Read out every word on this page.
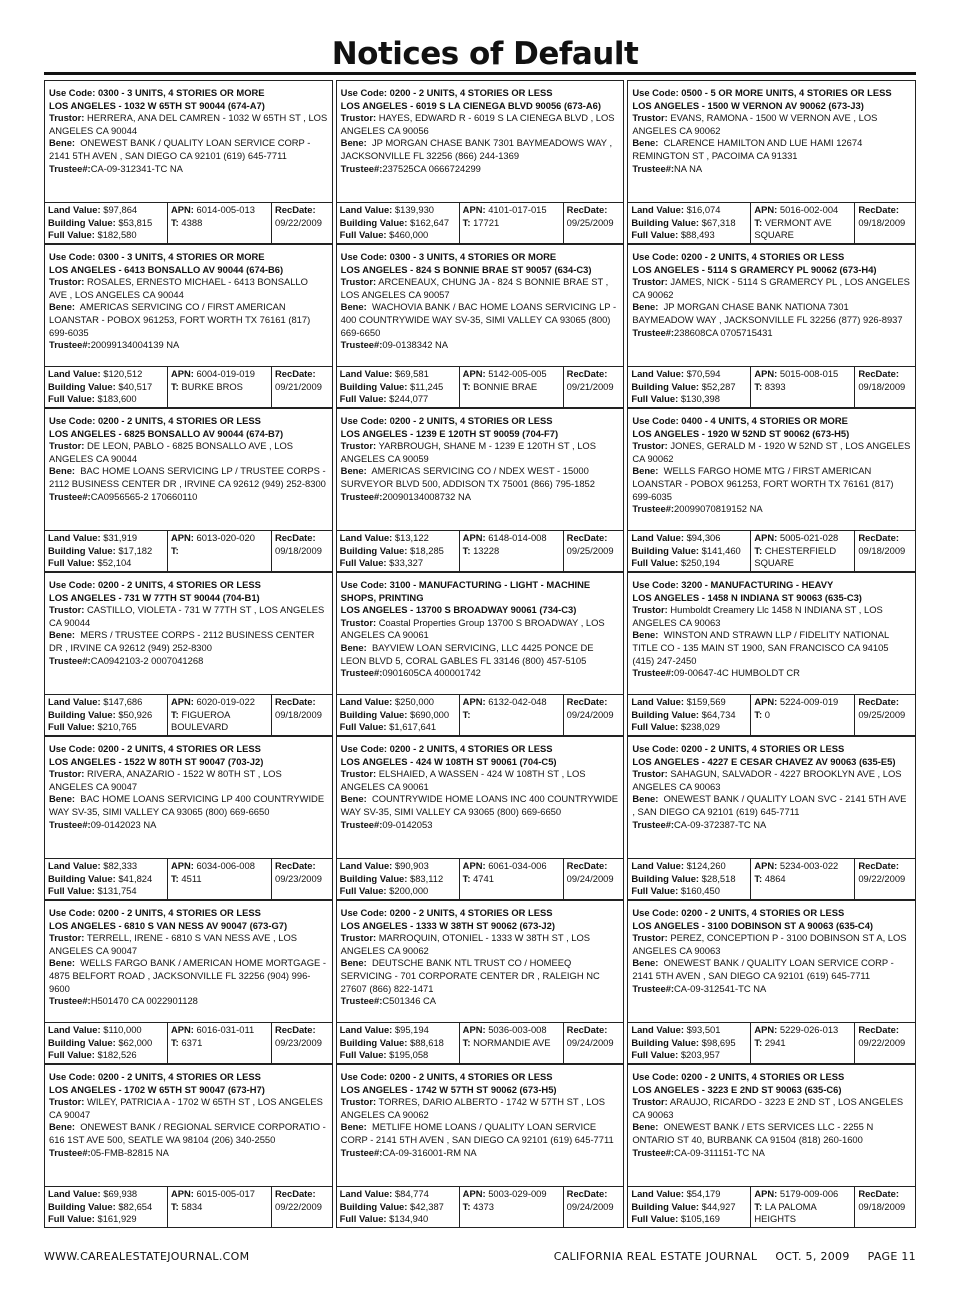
Notices of Default
Use Code: 0300 - 3 UNITS, 4 STORIES OR MORE
LOS ANGELES - 1032 W 65TH ST 90044 (674-A7)
Trustor: HERRERA, ANA DEL CAMREN - 1032 W 65TH ST , LOS ANGELES CA 90044
Bene: ONEWEST BANK / QUALITY LOAN SERVICE CORP - 2141 5TH AVEN , SAN DIEGO CA 92101 (619) 645-7711
Trustee#:CA-09-312341-TC NA
Land Value: $97,864
Building Value: $53,815
Full Value: $182,580
APN: 6014-005-013
T: 4388
RecDate:
09/22/2009
Use Code: 0200 - 2 UNITS, 4 STORIES OR LESS
LOS ANGELES - 6019 S LA CIENEGA BLVD 90056 (673-A6)
Trustor: HAYES, EDWARD R - 6019 S LA CIENEGA BLVD , LOS ANGELES CA 90056
Bene: JP MORGAN CHASE BANK 7301 BAYMEADOWS WAY , JACKSONVILLE FL 32256 (866) 244-1369
Trustee#:237525CA 0666724299
Land Value: $139,930
Building Value: $162,647
Full Value: $460,000
APN: 4101-017-015
T: 17721
RecDate:
09/25/2009
Use Code: 0500 - 5 OR MORE UNITS, 4 STORIES OR LESS
LOS ANGELES - 1500 W VERNON AV 90062 (673-J3)
Trustor: EVANS, RAMONA - 1500 W VERNON AVE , LOS ANGELES CA 90062
Bene: CLARENCE HAMILTON AND LUE HAMI 12674 REMINGTON ST , PACOIMA CA 91331
Trustee#:NA NA
Land Value: $16,074
Building Value: $67,318
Full Value: $88,493
APN: 5016-002-004
T: VERMONT AVE SQUARE
RecDate:
09/18/2009
Use Code: 0300 - 3 UNITS, 4 STORIES OR MORE
LOS ANGELES - 6413 BONSALLO AV 90044 (674-B6)
Trustor: ROSALES, ERNESTO MICHAEL - 6413 BONSALLO AVE , LOS ANGELES CA 90044
Bene: AMERICAS SERVICING CO / FIRST AMERICAN LOANSTAR - POBOX 961253, FORT WORTH TX 76161 (817) 699-6035
Trustee#:20099134004139 NA
Land Value: $120,512
Building Value: $40,517
Full Value: $183,600
APN: 6004-019-019
T: BURKE BROS
RecDate:
09/21/2009
Use Code: 0300 - 3 UNITS, 4 STORIES OR MORE
LOS ANGELES - 824 S BONNIE BRAE ST 90057 (634-C3)
Trustor: ARCENEAUX, CHUNG JA - 824 S BONNIE BRAE ST , LOS ANGELES CA 90057
Bene: WACHOVIA BANK / BAC HOME LOANS SERVICING LP - 400 COUNTRYWIDE WAY SV-35, SIMI VALLEY CA 93065 (800) 669-6650
Trustee#:09-0138342 NA
Land Value: $69,581
Building Value: $11,245
Full Value: $244,077
APN: 5142-005-005
T: BONNIE BRAE
RecDate:
09/21/2009
Use Code: 0200 - 2 UNITS, 4 STORIES OR LESS
LOS ANGELES - 5114 S GRAMERCY PL 90062 (673-H4)
Trustor: JAMES, NICK - 5114 S GRAMERCY PL , LOS ANGELES CA 90062
Bene: JP MORGAN CHASE BANK NATIONA 7301 BAYMEADOW WAY , JACKSONVILLE FL 32256 (877) 926-8937
Trustee#:238608CA 0705715431
Land Value: $70,594
Building Value: $52,287
Full Value: $130,398
APN: 5015-008-015
T: 8393
RecDate:
09/18/2009
Use Code: 0200 - 2 UNITS, 4 STORIES OR LESS
LOS ANGELES - 6825 BONSALLO AV 90044 (674-B7)
Trustor: DE LEON, PABLO - 6825 BONSALLO AVE , LOS ANGELES CA 90044
Bene: BAC HOME LOANS SERVICING LP / TRUSTEE CORPS - 2112 BUSINESS CENTER DR , IRVINE CA 92612 (949) 252-8300
Trustee#:CA0956565-2 170660110
Land Value: $31,919
Building Value: $17,182
Full Value: $52,104
APN: 6013-020-020
T:
RecDate:
09/18/2009
Use Code: 0200 - 2 UNITS, 4 STORIES OR LESS
LOS ANGELES - 1239 E 120TH ST 90059 (704-F7)
Trustor: YARBROUGH, SHANE M - 1239 E 120TH ST , LOS ANGELES CA 90059
Bene: AMERICAS SERVICING CO / NDEX WEST - 15000 SURVEYOR BLVD 500, ADDISON TX 75001 (866) 795-1852
Trustee#:20090134008732 NA
Land Value: $13,122
Building Value: $18,285
Full Value: $33,327
APN: 6148-014-008
T: 13228
RecDate:
09/25/2009
Use Code: 0400 - 4 UNITS, 4 STORIES OR MORE
LOS ANGELES - 1920 W 52ND ST 90062 (673-H5)
Trustor: JONES, GERALD M - 1920 W 52ND ST , LOS ANGELES CA 90062
Bene: WELLS FARGO HOME MTG / FIRST AMERICAN LOANSTAR - POBOX 961253, FORT WORTH TX 76161 (817) 699-6035
Trustee#:20099070819152 NA
Land Value: $94,306
Building Value: $141,460
Full Value: $250,194
APN: 5005-021-028
T: CHESTERFIELD SQUARE
RecDate:
09/18/2009
Use Code: 0200 - 2 UNITS, 4 STORIES OR LESS
LOS ANGELES - 731 W 77TH ST 90044 (704-B1)
Trustor: CASTILLO, VIOLETA - 731 W 77TH ST , LOS ANGELES CA 90044
Bene: MERS / TRUSTEE CORPS - 2112 BUSINESS CENTER DR , IRVINE CA 92612 (949) 252-8300
Trustee#:CA0942103-2 0007041268
Land Value: $147,686
Building Value: $50,926
Full Value: $210,765
APN: 6020-019-022
T: FIGUEROA BOULEVARD
RecDate:
09/18/2009
Use Code: 3100 - MANUFACTURING - LIGHT - MACHINE SHOPS, PRINTING
LOS ANGELES - 13700 S BROADWAY 90061 (734-C3)
Trustor: Coastal Properties Group 13700 S BROADWAY , LOS ANGELES CA 90061
Bene: BAYVIEW LOAN SERVICING, LLC 4425 PONCE DE LEON BLVD 5, CORAL GABLES FL 33146 (800) 457-5105
Trustee#:0901605CA 400001742
Land Value: $250,000
Building Value: $690,000
Full Value: $1,617,641
APN: 6132-042-048
T:
RecDate:
09/24/2009
Use Code: 3200 - MANUFACTURING - HEAVY
LOS ANGELES - 1458 N INDIANA ST 90063 (635-C3)
Trustor: Humboldt Creamery Llc 1458 N INDIANA ST , LOS ANGELES CA 90063
Bene: WINSTON AND STRAWN LLP / FIDELITY NATIONAL TITLE CO - 135 MAIN ST 1900, SAN FRANCISCO CA 94105 (415) 247-2450
Trustee#:09-00647-4C HUMBOLDT CR
Land Value: $159,569
Building Value: $64,734
Full Value: $238,029
APN: 5224-009-019
T: 0
RecDate:
09/25/2009
Use Code: 0200 - 2 UNITS, 4 STORIES OR LESS
LOS ANGELES - 1522 W 80TH ST 90047 (703-J2)
Trustor: RIVERA, ANAZARIO - 1522 W 80TH ST , LOS ANGELES CA 90047
Bene: BAC HOME LOANS SERVICING LP 400 COUNTRYWIDE WAY SV-35, SIMI VALLEY CA 93065 (800) 669-6650
Trustee#:09-0142023 NA
Land Value: $82,333
Building Value: $41,824
Full Value: $131,754
APN: 6034-006-008
T: 4511
RecDate:
09/23/2009
Use Code: 0200 - 2 UNITS, 4 STORIES OR LESS
LOS ANGELES - 424 W 108TH ST 90061 (704-C5)
Trustor: ELSHAIED, A WASSEN - 424 W 108TH ST , LOS ANGELES CA 90061
Bene: COUNTRYWIDE HOME LOANS INC 400 COUNTRYWIDE WAY SV-35, SIMI VALLEY CA 93065 (800) 669-6650
Trustee#:09-0142053
Land Value: $90,903
Building Value: $83,112
Full Value: $200,000
APN: 6061-034-006
T: 4741
RecDate:
09/24/2009
Use Code: 0200 - 2 UNITS, 4 STORIES OR LESS
LOS ANGELES - 4227 E CESAR CHAVEZ AV 90063 (635-E5)
Trustor: SAHAGUN, SALVADOR - 4227 BROOKLYN AVE , LOS ANGELES CA 90063
Bene: ONEWEST BANK / QUALITY LOAN SVC - 2141 5TH AVE , SAN DIEGO CA 92101 (619) 645-7711
Trustee#:CA-09-372387-TC NA
Land Value: $124,260
Building Value: $28,518
Full Value: $160,450
APN: 5234-003-022
T: 4864
RecDate:
09/22/2009
Use Code: 0200 - 2 UNITS, 4 STORIES OR LESS
LOS ANGELES - 6810 S VAN NESS AV 90047 (673-G7)
Trustor: TERRELL, IRENE - 6810 S VAN NESS AVE , LOS ANGELES CA 90047
Bene: WELLS FARGO BANK / AMERICAN HOME MORTGAGE - 4875 BELFORT ROAD , JACKSONVILLE FL 32256 (904) 996-9600
Trustee#:H501470 CA 0022901128
Land Value: $110,000
Building Value: $62,000
Full Value: $182,526
APN: 6016-031-011
T: 6371
RecDate:
09/23/2009
Use Code: 0200 - 2 UNITS, 4 STORIES OR LESS
LOS ANGELES - 1333 W 38TH ST 90062 (673-J2)
Trustor: MARROQUIN, OTONIEL - 1333 W 38TH ST , LOS ANGELES CA 90062
Bene: DEUTSCHE BANK NTL TRUST CO / HOMEEQ SERVICING - 701 CORPORATE CENTER DR , RALEIGH NC 27607 (866) 822-1471
Trustee#:C501346 CA
Land Value: $95,194
Building Value: $88,618
Full Value: $195,058
APN: 5036-003-008
T: NORMANDIE AVE
RecDate:
09/24/2009
Use Code: 0200 - 2 UNITS, 4 STORIES OR LESS
LOS ANGELES - 3100 DOBINSON ST A 90063 (635-C4)
Trustor: PEREZ, CONCEPTION P - 3100 DOBINSON ST A, LOS ANGELES CA 90063
Bene: ONEWEST BANK / QUALITY LOAN SERVICE CORP - 2141 5TH AVEN , SAN DIEGO CA 92101 (619) 645-7711
Trustee#:CA-09-312541-TC NA
Land Value: $93,501
Building Value: $98,695
Full Value: $203,957
APN: 5229-026-013
T: 2941
RecDate:
09/22/2009
Use Code: 0200 - 2 UNITS, 4 STORIES OR LESS
LOS ANGELES - 1702 W 65TH ST 90047 (673-H7)
Trustor: WILEY, PATRICIA A - 1702 W 65TH ST , LOS ANGELES CA 90047
Bene: ONEWEST BANK / REGIONAL SERVICE CORPORATIO - 616 1ST AVE 500, SEATLE WA 98104 (206) 340-2550
Trustee#:05-FMB-82815 NA
Land Value: $69,938
Building Value: $82,654
Full Value: $161,929
APN: 6015-005-017
T: 5834
RecDate:
09/22/2009
Use Code: 0200 - 2 UNITS, 4 STORIES OR LESS
LOS ANGELES - 1742 W 57TH ST 90062 (673-H5)
Trustor: TORRES, DARIO ALBERTO - 1742 W 57TH ST , LOS ANGELES CA 90062
Bene: METLIFE HOME LOANS / QUALITY LOAN SERVICE CORP - 2141 5TH AVEN , SAN DIEGO CA 92101 (619) 645-7711
Trustee#:CA-09-316001-RM NA
Land Value: $84,774
Building Value: $42,387
Full Value: $134,940
APN: 5003-029-009
T: 4373
RecDate:
09/24/2009
Use Code: 0200 - 2 UNITS, 4 STORIES OR LESS
LOS ANGELES - 3223 E 2ND ST 90063 (635-C6)
Trustor: ARAUJO, RICARDO - 3223 E 2ND ST , LOS ANGELES CA 90063
Bene: ONEWEST BANK / ETS SERVICES LLC - 2255 N ONTARIO ST 40, BURBANK CA 91504 (818) 260-1600
Trustee#:CA-09-311151-TC NA
Land Value: $54,179
Building Value: $44,927
Full Value: $105,169
APN: 5179-009-006
T: LA PALOMA HEIGHTS
RecDate:
09/18/2009
WWW.CAREALESTATEJOURNAL.COM	CALIFORNIA REAL ESTATE JOURNAL OCT. 5, 2009 PAGE 11
